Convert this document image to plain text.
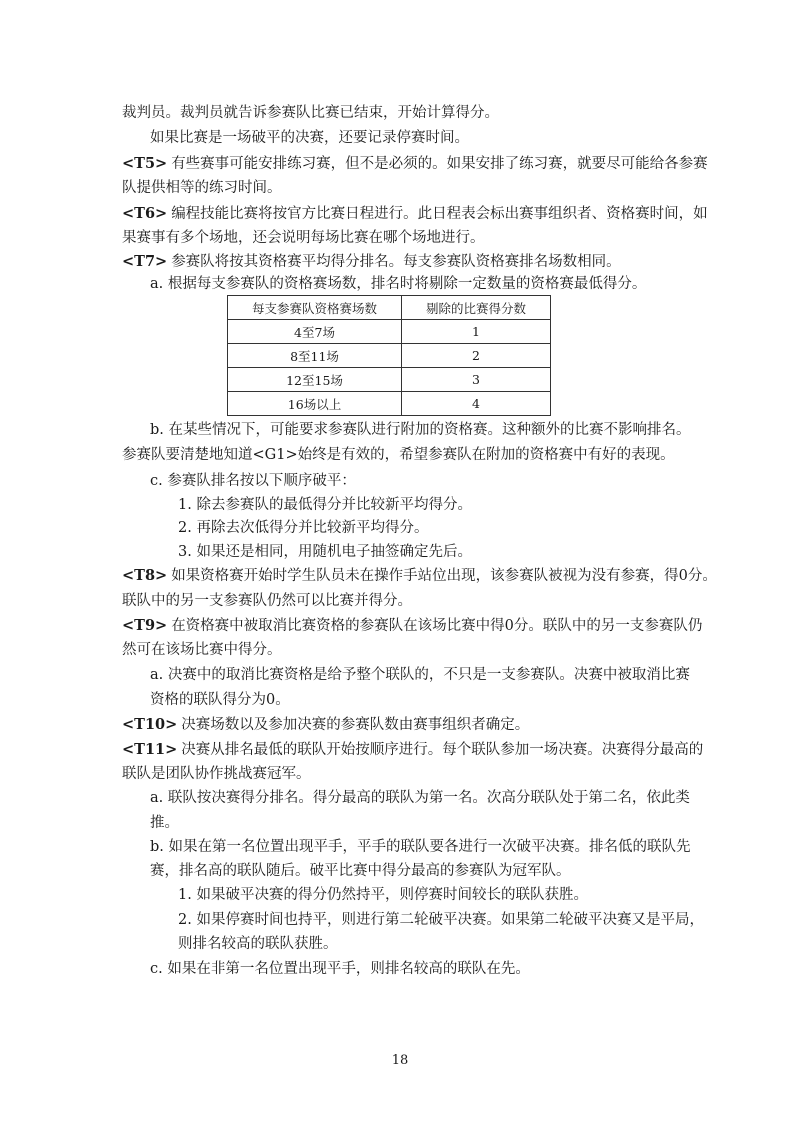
裁判员。裁判员就告诉参赛队比赛已结束，开始计算得分。
如果比赛是一场破平的决赛，还要记录停赛时间。
<T5> 有些赛事可能安排练习赛，但不是必须的。如果安排了练习赛，就要尽可能给各参赛
队提供相等的练习时间。
<T6> 编程技能比赛将按官方比赛日程进行。此日程表会标出赛事组织者、资格赛时间，如
果赛事有多个场地，还会说明每场比赛在哪个场地进行。
<T7> 参赛队将按其资格赛平均得分排名。每支参赛队资格赛排名场数相同。
a. 根据每支参赛队的资格赛场数，排名时将剔除一定数量的资格赛最低得分。
每支参赛队资格赛场数	剔除的比赛得分数
4至7场	1
8至11场	2
12至15场	3
16场以上	4
b. 在某些情况下，可能要求参赛队进行附加的资格赛。这种额外的比赛不影响排名。
参赛队要清楚地知道<G1>始终是有效的，希望参赛队在附加的资格赛中有好的表现。
c. 参赛队排名按以下顺序破平：
1. 除去参赛队的最低得分并比较新平均得分。
2. 再除去次低得分并比较新平均得分。
3. 如果还是相同，用随机电子抽签确定先后。
<T8> 如果资格赛开始时学生队员未在操作手站位出现，该参赛队被视为没有参赛，得0分。
联队中的另一支参赛队仍然可以比赛并得分。
<T9> 在资格赛中被取消比赛资格的参赛队在该场比赛中得0分。联队中的另一支参赛队仍
然可在该场比赛中得分。
a. 决赛中的取消比赛资格是给予整个联队的，不只是一支参赛队。决赛中被取消比赛
资格的联队得分为0。
<T10> 决赛场数以及参加决赛的参赛队数由赛事组织者确定。
<T11> 决赛从排名最低的联队开始按顺序进行。每个联队参加一场决赛。决赛得分最高的
联队是团队协作挑战赛冠军。
a. 联队按决赛得分排名。得分最高的联队为第一名。次高分联队处于第二名，依此类
推。
b. 如果在第一名位置出现平手，平手的联队要各进行一次破平决赛。排名低的联队先
赛，排名高的联队随后。破平比赛中得分最高的参赛队为冠军队。
1. 如果破平决赛的得分仍然持平，则停赛时间较长的联队获胜。
2. 如果停赛时间也持平，则进行第二轮破平决赛。如果第二轮破平决赛又是平局，
则排名较高的联队获胜。
c. 如果在非第一名位置出现平手，则排名较高的联队在先。
18
